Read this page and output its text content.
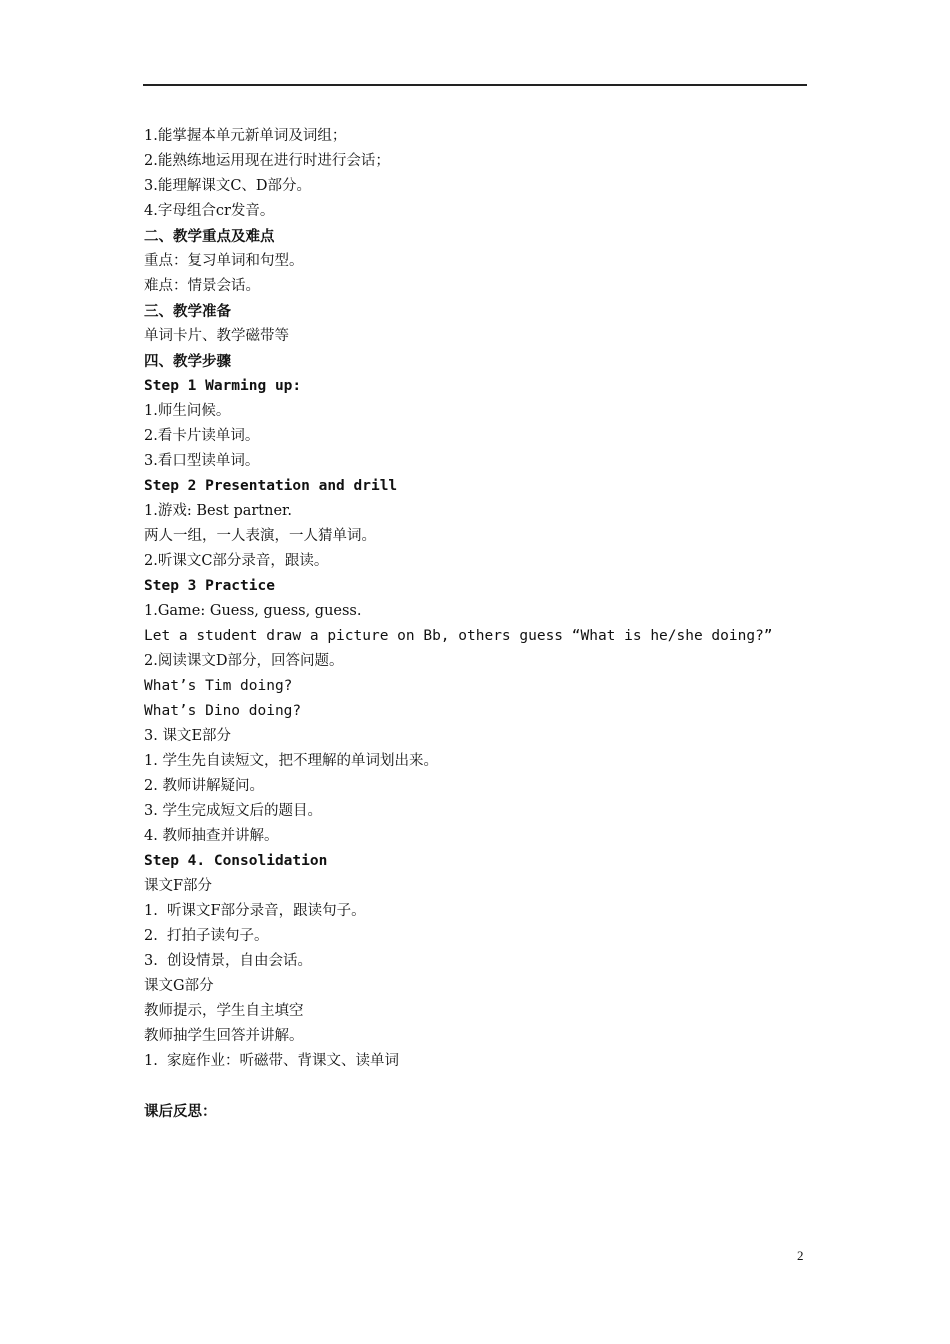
1.能掌握本单元新单词及词组；
2.能熟练地运用现在进行时进行会话；
3.能理解课文C、D部分。
4.字母组合cr发音。
二、教学重点及难点
重点：复习单词和句型。
难点：情景会话。
三、教学准备
单词卡片、教学磁带等
四、教学步骤
Step 1 Warming up:
1.师生问候。
2.看卡片读单词。
3.看口型读单词。
Step 2 Presentation and drill
1.游戏: Best partner.
两人一组，一人表演，一人猜单词。
2.听课文C部分录音，跟读。
Step 3 Practice
1.Game: Guess, guess, guess.
Let a student draw a picture on Bb, others guess “What is he/she doing?”
2.阅读课文D部分，回答问题。
What’s Tim doing?
What’s Dino doing?
3. 课文E部分
1. 学生先自读短文，把不理解的单词划出来。
2. 教师讲解疑问。
3. 学生完成短文后的题目。
4. 教师抽查并讲解。
Step 4. Consolidation
课文F部分
1.  听课文F部分录音，跟读句子。
2.  打拍子读句子。
3.  创设情景，自由会话。
课文G部分
教师提示，学生自主填空
教师抽学生回答并讲解。
1.  家庭作业：听磁带、背课文、读单词
课后反思：
2
